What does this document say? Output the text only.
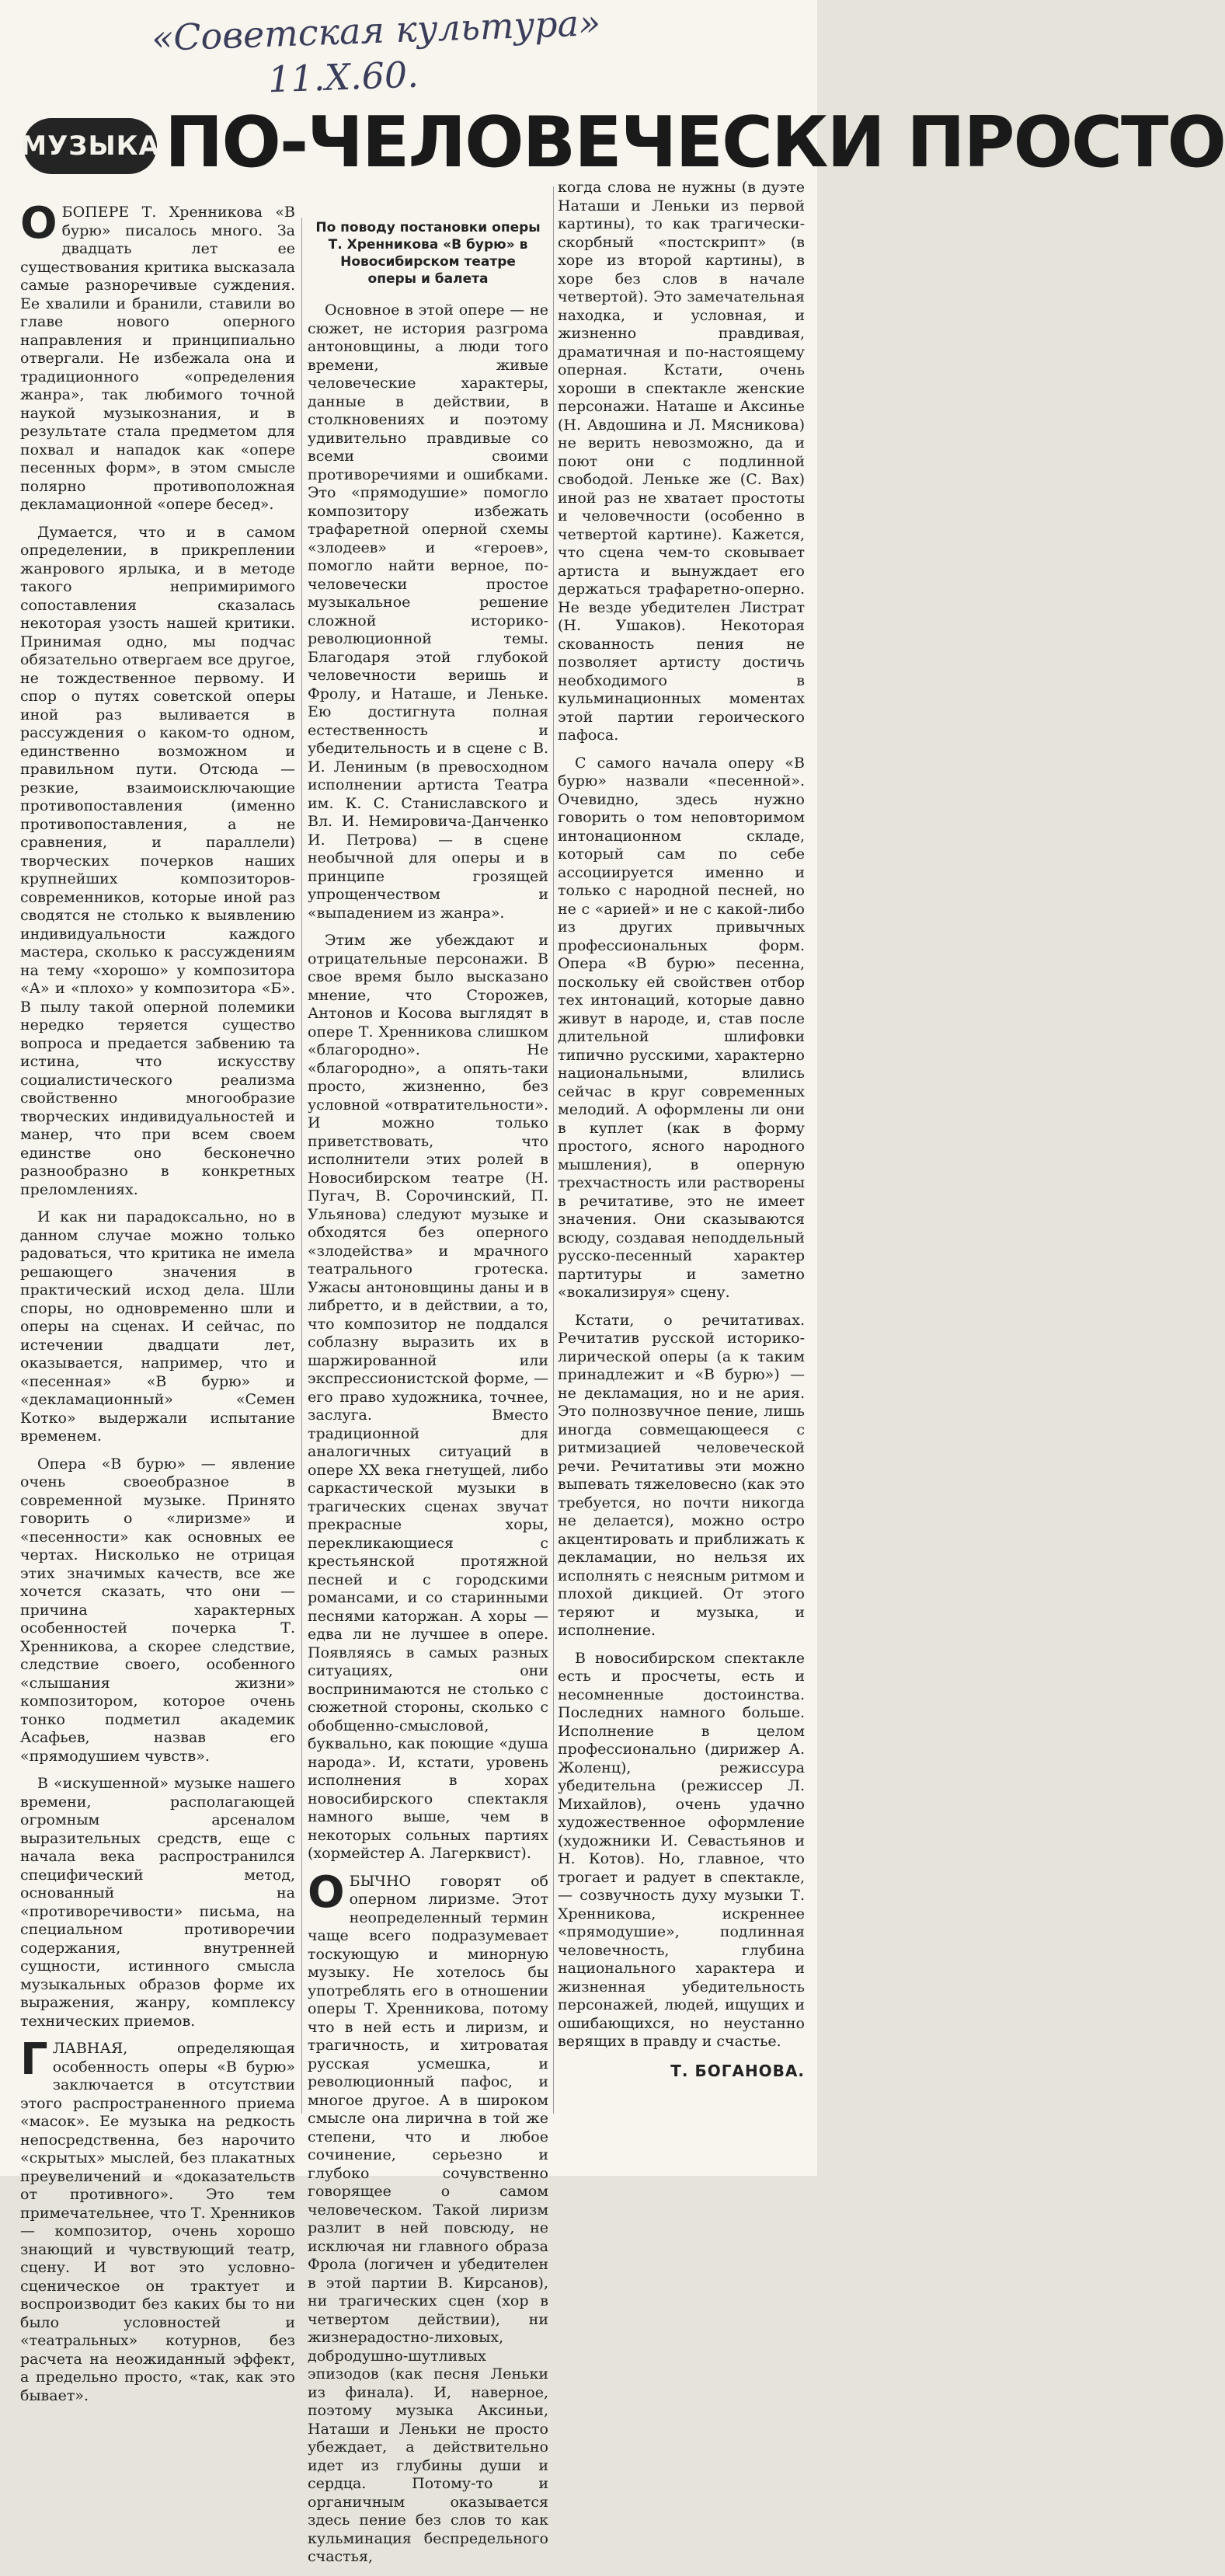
«Советская культура»
11.X.60.
МУЗЫКА ПО-ЧЕЛОВЕЧЕСКИ ПРОСТО

ОБОПЕРЕ Т. Хренникова «В бурю» писалось много. За двадцать лет ее существования критика высказала самые разноречивые суждения. Ее хвалили и бранили, ставили во главе нового оперного направления и принципиально отвергали. Не избежала она и традиционного «определения жанра», так любимого точной наукой музыкознания, и в результате стала предметом для похвал и нападок как «опере песенных форм», в этом смысле полярно противоположная декламационной «опере бесед».

Думается, что и в самом определении, в прикреплении жанрового ярлыка, и в методе такого непримиримого сопоставления сказалась некоторая узость нашей критики. Принимая одно, мы подчас обязательно отвергаем все другое, не тождественное первому. И спор о путях советской оперы иной раз выливается в рассуждения о каком-то одном, единственно возможном и правильном пути. Отсюда — резкие, взаимоисключающие противопоставления (именно противопоставления, а не сравнения, и параллели) творческих почерков наших крупнейших композиторов-современников, которые иной раз сводятся не столько к выявлению индивидуальности каждого мастера, сколько к рассуждениям на тему «хорошо» у композитора «А» и «плохо» у композитора «Б». В пылу такой оперной полемики нередко теряется существо вопроса и предается забвению та истина, что искусству социалистического реализма свойственно многообразие творческих индивидуальностей и манер, что при всем своем единстве оно бесконечно разнообразно в конкретных преломлениях.

И как ни парадоксально, но в данном случае можно только радоваться, что критика не имела решающего значения в практический исход дела. Шли споры, но одновременно шли и оперы на сценах. И сейчас, по истечении двадцати лет, оказывается, например, что и «песенная» «В бурю» и «декламационный» «Семен Котко» выдержали испытание временем.

Опера «В бурю» — явление очень своеобразное в современной музыке. Принято говорить о «лиризме» и «песенности» как основных ее чертах. Нисколько не отрицая этих значимых качеств, все же хочется сказать, что они — причина характерных особенностей почерка Т. Хренникова, а скорее следствие, следствие своего, особенного «слышания жизни» композитором, которое очень тонко подметил академик Асафьев, назвав его «прямодушием чувств».

В «искушенной» музыке нашего времени, располагающей огромным арсеналом выразительных средств, еще с начала века распространился специфический метод, основанный на «противоречивости» письма, на специальном противоречии содержания, внутренней сущности, истинного смысла музыкальных образов форме их выражения, жанру, комплексу технических приемов.

ГЛАВНАЯ, определяющая особенность оперы «В бурю» заключается в отсутствии этого распространенного приема «масок». Ее музыка на редкость непосредственна, без нарочито «скрытых» мыслей, без плакатных преувеличений и «доказательств от противного». Это тем примечательнее, что Т. Хренников — композитор, очень хорошо знающий и чувствующий театр, сцену. И вот это условно-сценическое он трактует и воспроизводит без каких бы то ни было условностей и «театральных» котурнов, без расчета на неожиданный эффект, а предельно просто, «так, как это бывает».

По поводу постановки оперы Т. Хренникова «В бурю» в Новосибирском театре оперы и балета

Основное в этой опере — не сюжет, не история разгрома антоновщины, а люди того времени, живые человеческие характеры, данные в действии, в столкновениях и поэтому удивительно правдивые со всеми своими противоречиями и ошибками. Это «прямодушие» помогло композитору избежать трафаретной оперной схемы «злодеев» и «героев», помогло найти верное, по-человечески простое музыкальное решение сложной историко-революционной темы. Благодаря этой глубокой человечности веришь и Фролу, и Наташе, и Леньке. Ею достигнута полная естественность и убедительность и в сцене с В. И. Лениным (в превосходном исполнении артиста Театра им. К. С. Станиславского и Вл. И. Немировича-Данченко И. Петрова) — в сцене необычной для оперы и в принципе грозящей упрощенчеством и «выпадением из жанра».

Этим же убеждают и отрицательные персонажи. В свое время было высказано мнение, что Сторожев, Антонов и Косова выглядят в опере Т. Хренникова слишком «благородно». Не «благородно», а опять-таки просто, жизненно, без условной «отвратительности». И можно только приветствовать, что исполнители этих ролей в Новосибирском театре (Н. Пугач, В. Сорочинский, П. Ульянова) следуют музыке и обходятся без оперного «злодейства» и мрачного театрального гротеска. Ужасы антоновщины даны и в либретто, и в действии, а то, что композитор не поддался соблазну выразить их в шаржированной или экспрессионистской форме, — его право художника, точнее, заслуга. Вместо традиционной для аналогичных ситуаций в опере XX века гнетущей, либо саркастической музыки в трагических сценах звучат прекрасные хоры, перекликающиеся с крестьянской протяжной песней и с городскими романсами, и со старинными песнями каторжан. А хоры — едва ли не лучшее в опере. Появляясь в самых разных ситуациях, они воспринимаются не столько с сюжетной стороны, сколько с обобщенно-смысловой, буквально, как поющие «душа народа». И, кстати, уровень исполнения в хорах новосибирского спектакля намного выше, чем в некоторых сольных партиях (хормейстер А. Лагерквист).

ОБЫЧНО говорят об оперном лиризме. Этот неопределенный термин чаще всего подразумевает тоскующую и минорную музыку. Не хотелось бы употреблять его в отношении оперы Т. Хренникова, потому что в ней есть и лиризм, и трагичность, и хитроватая русская усмешка, и революционный пафос, и многое другое. А в широком смысле она лирична в той же степени, что и любое сочинение, серьезно и глубоко сочувственно говорящее о самом человеческом. Такой лиризм разлит в ней повсюду, не исключая ни главного образа Фрола (логичен и убедителен в этой партии В. Кирсанов), ни трагических сцен (хор в четвертом действии), ни жизнерадостно-лиховых, добродушно-шутливых эпизодов (как песня Леньки из финала). И, наверное, поэтому музыка Аксиньи, Наташи и Леньки не просто убеждает, а действительно идет из глубины души и сердца. Потому-то и органичным оказывается здесь пение без слов то как кульминация беспредельного счастья,

когда слова не нужны (в дуэте Наташи и Леньки из первой картины), то как трагически-скорбный «постскрипт» (в хоре из второй картины), в хоре без слов в начале четвертой). Это замечательная находка, и условная, и жизненно правдивая, драматичная и по-настоящему оперная. Кстати, очень хороши в спектакле женские персонажи. Наташе и Аксинье (Н. Авдошина и Л. Мясникова) не верить невозможно, да и поют они с подлинной свободой. Леньке же (С. Вах) иной раз не хватает простоты и человечности (особенно в четвертой картине). Кажется, что сцена чем-то сковывает артиста и вынуждает его держаться трафаретно-оперно. Не везде убедителен Листрат (Н. Ушаков). Некоторая скованность пения не позволяет артисту достичь необходимого в кульминационных моментах этой партии героического пафоса.

С самого начала оперу «В бурю» назвали «песенной». Очевидно, здесь нужно говорить о том неповторимом интонационном складе, который сам по себе ассоциируется именно и только с народной песней, но не с «арией» и не с какой-либо из других привычных профессиональных форм. Опера «В бурю» песенна, поскольку ей свойствен отбор тех интонаций, которые давно живут в народе, и, став после длительной шлифовки типично русскими, характерно национальными, влились сейчас в круг современных мелодий. А оформлены ли они в куплет (как в форму простого, ясного народного мышления), в оперную трехчастность или растворены в речитативе, это не имеет значения. Они сказываются всюду, создавая неподдельный русско-песенный характер партитуры и заметно «вокализируя» сцену.

Кстати, о речитативах. Речитатив русской историко-лирической оперы (а к таким принадлежит и «В бурю») — не декламация, но и не ария. Это полнозвучное пение, лишь иногда совмещающееся с ритмизацией человеческой речи. Речитативы эти можно выпевать тяжеловесно (как это требуется, но почти никогда не делается), можно остро акцентировать и приближать к декламации, но нельзя их исполнять с неясным ритмом и плохой дикцией. От этого теряют и музыка, и исполнение.

В новосибирском спектакле есть и просчеты, есть и несомненные достоинства. Последних намного больше. Исполнение в целом профессионально (дирижер А. Жоленц), режиссура убедительна (режиссер Л. Михайлов), очень удачно художественное оформление (художники И. Севастьянов и Н. Котов). Но, главное, что трогает и радует в спектакле, — созвучность духу музыки Т. Хренникова, искреннее «прямодушие», подлинная человечность, глубина национального характера и жизненная убедительность персонажей, людей, ищущих и ошибающихся, но неустанно верящих в правду и счастье.

Т. БОГАНОВА.
